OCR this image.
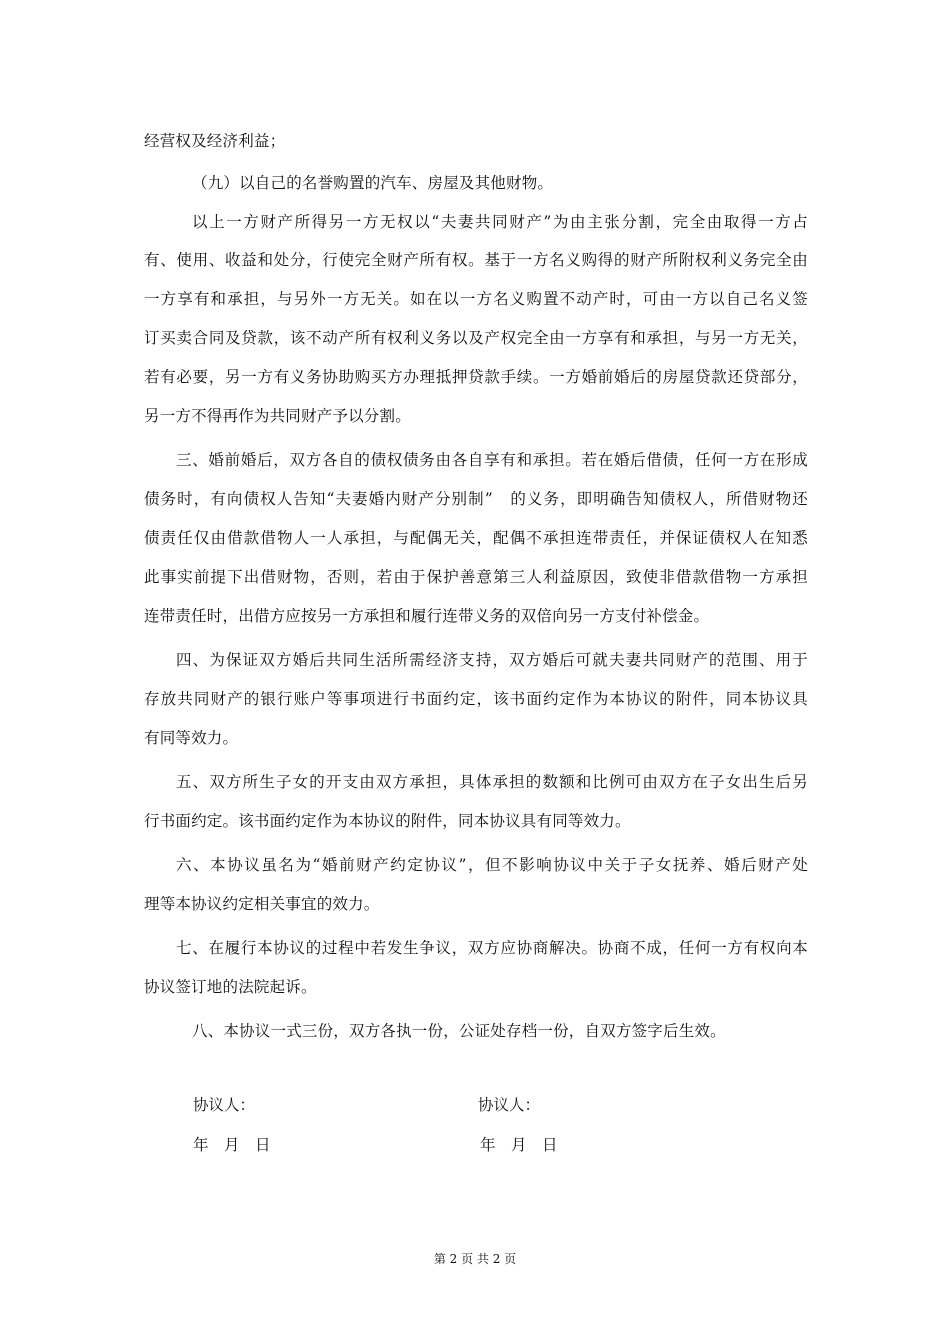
经营权及经济利益；
（九）以自己的名誉购置的汽车、房屋及其他财物。
以上一方财产所得另一方无权以“夫妻共同财产”为由主张分割，完全由取得一方占
有、使用、收益和处分，行使完全财产所有权。基于一方名义购得的财产所附权利义务完全由
一方享有和承担，与另外一方无关。如在以一方名义购置不动产时，可由一方以自己名义签
订买卖合同及贷款，该不动产所有权利义务以及产权完全由一方享有和承担，与另一方无关，
若有必要，另一方有义务协助购买方办理抵押贷款手续。一方婚前婚后的房屋贷款还贷部分，
另一方不得再作为共同财产予以分割。
三、婚前婚后，双方各自的债权债务由各自享有和承担。若在婚后借债，任何一方在形成
债务时，有向债权人告知“夫妻婚内财产分别制”　的义务，即明确告知债权人，所借财物还
债责任仅由借款借物人一人承担，与配偶无关，配偶不承担连带责任，并保证债权人在知悉
此事实前提下出借财物，否则，若由于保护善意第三人利益原因，致使非借款借物一方承担
连带责任时，出借方应按另一方承担和履行连带义务的双倍向另一方支付补偿金。
四、为保证双方婚后共同生活所需经济支持，双方婚后可就夫妻共同财产的范围、用于
存放共同财产的银行账户等事项进行书面约定，该书面约定作为本协议的附件，同本协议具
有同等效力。
五、双方所生子女的开支由双方承担，具体承担的数额和比例可由双方在子女出生后另
行书面约定。该书面约定作为本协议的附件，同本协议具有同等效力。
六、本协议虽名为“婚前财产约定协议”，但不影响协议中关于子女抚养、婚后财产处
理等本协议约定相关事宜的效力。
七、在履行本协议的过程中若发生争议，双方应协商解决。协商不成，任何一方有权向本
协议签订地的法院起诉。
八、本协议一式三份，双方各执一份，公证处存档一份，自双方签字后生效。
协议人：	协议人：
年　月　日	年　月　日
第 2 页 共 2 页
